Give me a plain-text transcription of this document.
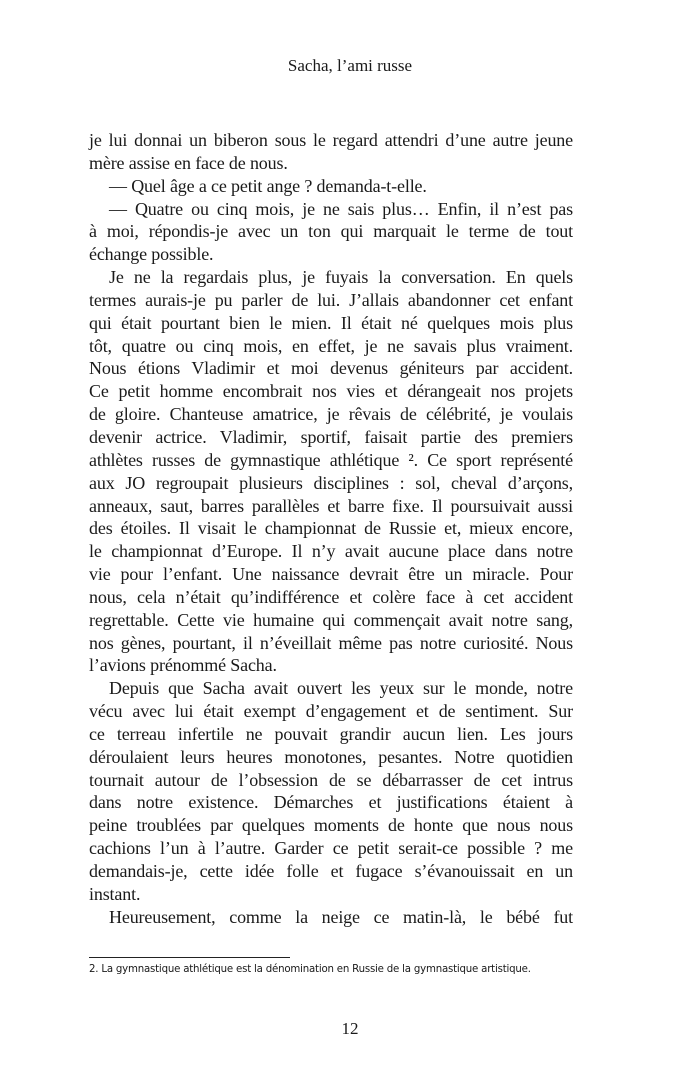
Sacha, l’ami russe
je lui donnai un biberon sous le regard attendri d’une autre jeune
mère assise en face de nous.
— Quel âge a ce petit ange ? demanda-t-elle.
— Quatre ou cinq mois, je ne sais plus… Enfin, il n’est pas
à moi, répondis-je avec un ton qui marquait le terme de tout
échange possible.
Je ne la regardais plus, je fuyais la conversation. En quels
termes aurais-je pu parler de lui. J’allais abandonner cet enfant
qui était pourtant bien le mien. Il était né quelques mois plus
tôt, quatre ou cinq mois, en effet, je ne savais plus vraiment.
Nous étions Vladimir et moi devenus géniteurs par accident.
Ce petit homme encombrait nos vies et dérangeait nos projets
de gloire. Chanteuse amatrice, je rêvais de célébrité, je voulais
devenir actrice. Vladimir, sportif, faisait partie des premiers
athlètes russes de gymnastique athlétique ². Ce sport représenté
aux JO regroupait plusieurs disciplines : sol, cheval d’arçons,
anneaux, saut, barres parallèles et barre fixe. Il poursuivait aussi
des étoiles. Il visait le championnat de Russie et, mieux encore,
le championnat d’Europe. Il n’y avait aucune place dans notre
vie pour l’enfant. Une naissance devrait être un miracle. Pour
nous, cela n’était qu’indifférence et colère face à cet accident
regrettable. Cette vie humaine qui commençait avait notre sang,
nos gènes, pourtant, il n’éveillait même pas notre curiosité. Nous
l’avions prénommé Sacha.
Depuis que Sacha avait ouvert les yeux sur le monde, notre
vécu avec lui était exempt d’engagement et de sentiment. Sur
ce terreau infertile ne pouvait grandir aucun lien. Les jours
déroulaient leurs heures monotones, pesantes. Notre quotidien
tournait autour de l’obsession de se débarrasser de cet intrus
dans notre existence. Démarches et justifications étaient à
peine troublées par quelques moments de honte que nous nous
cachions l’un à l’autre. Garder ce petit serait-ce possible ? me
demandais-je, cette idée folle et fugace s’évanouissait en un
instant.
Heureusement, comme la neige ce matin-là, le bébé fut
2. La gymnastique athlétique est la dénomination en Russie de la gymnastique artistique.
12
